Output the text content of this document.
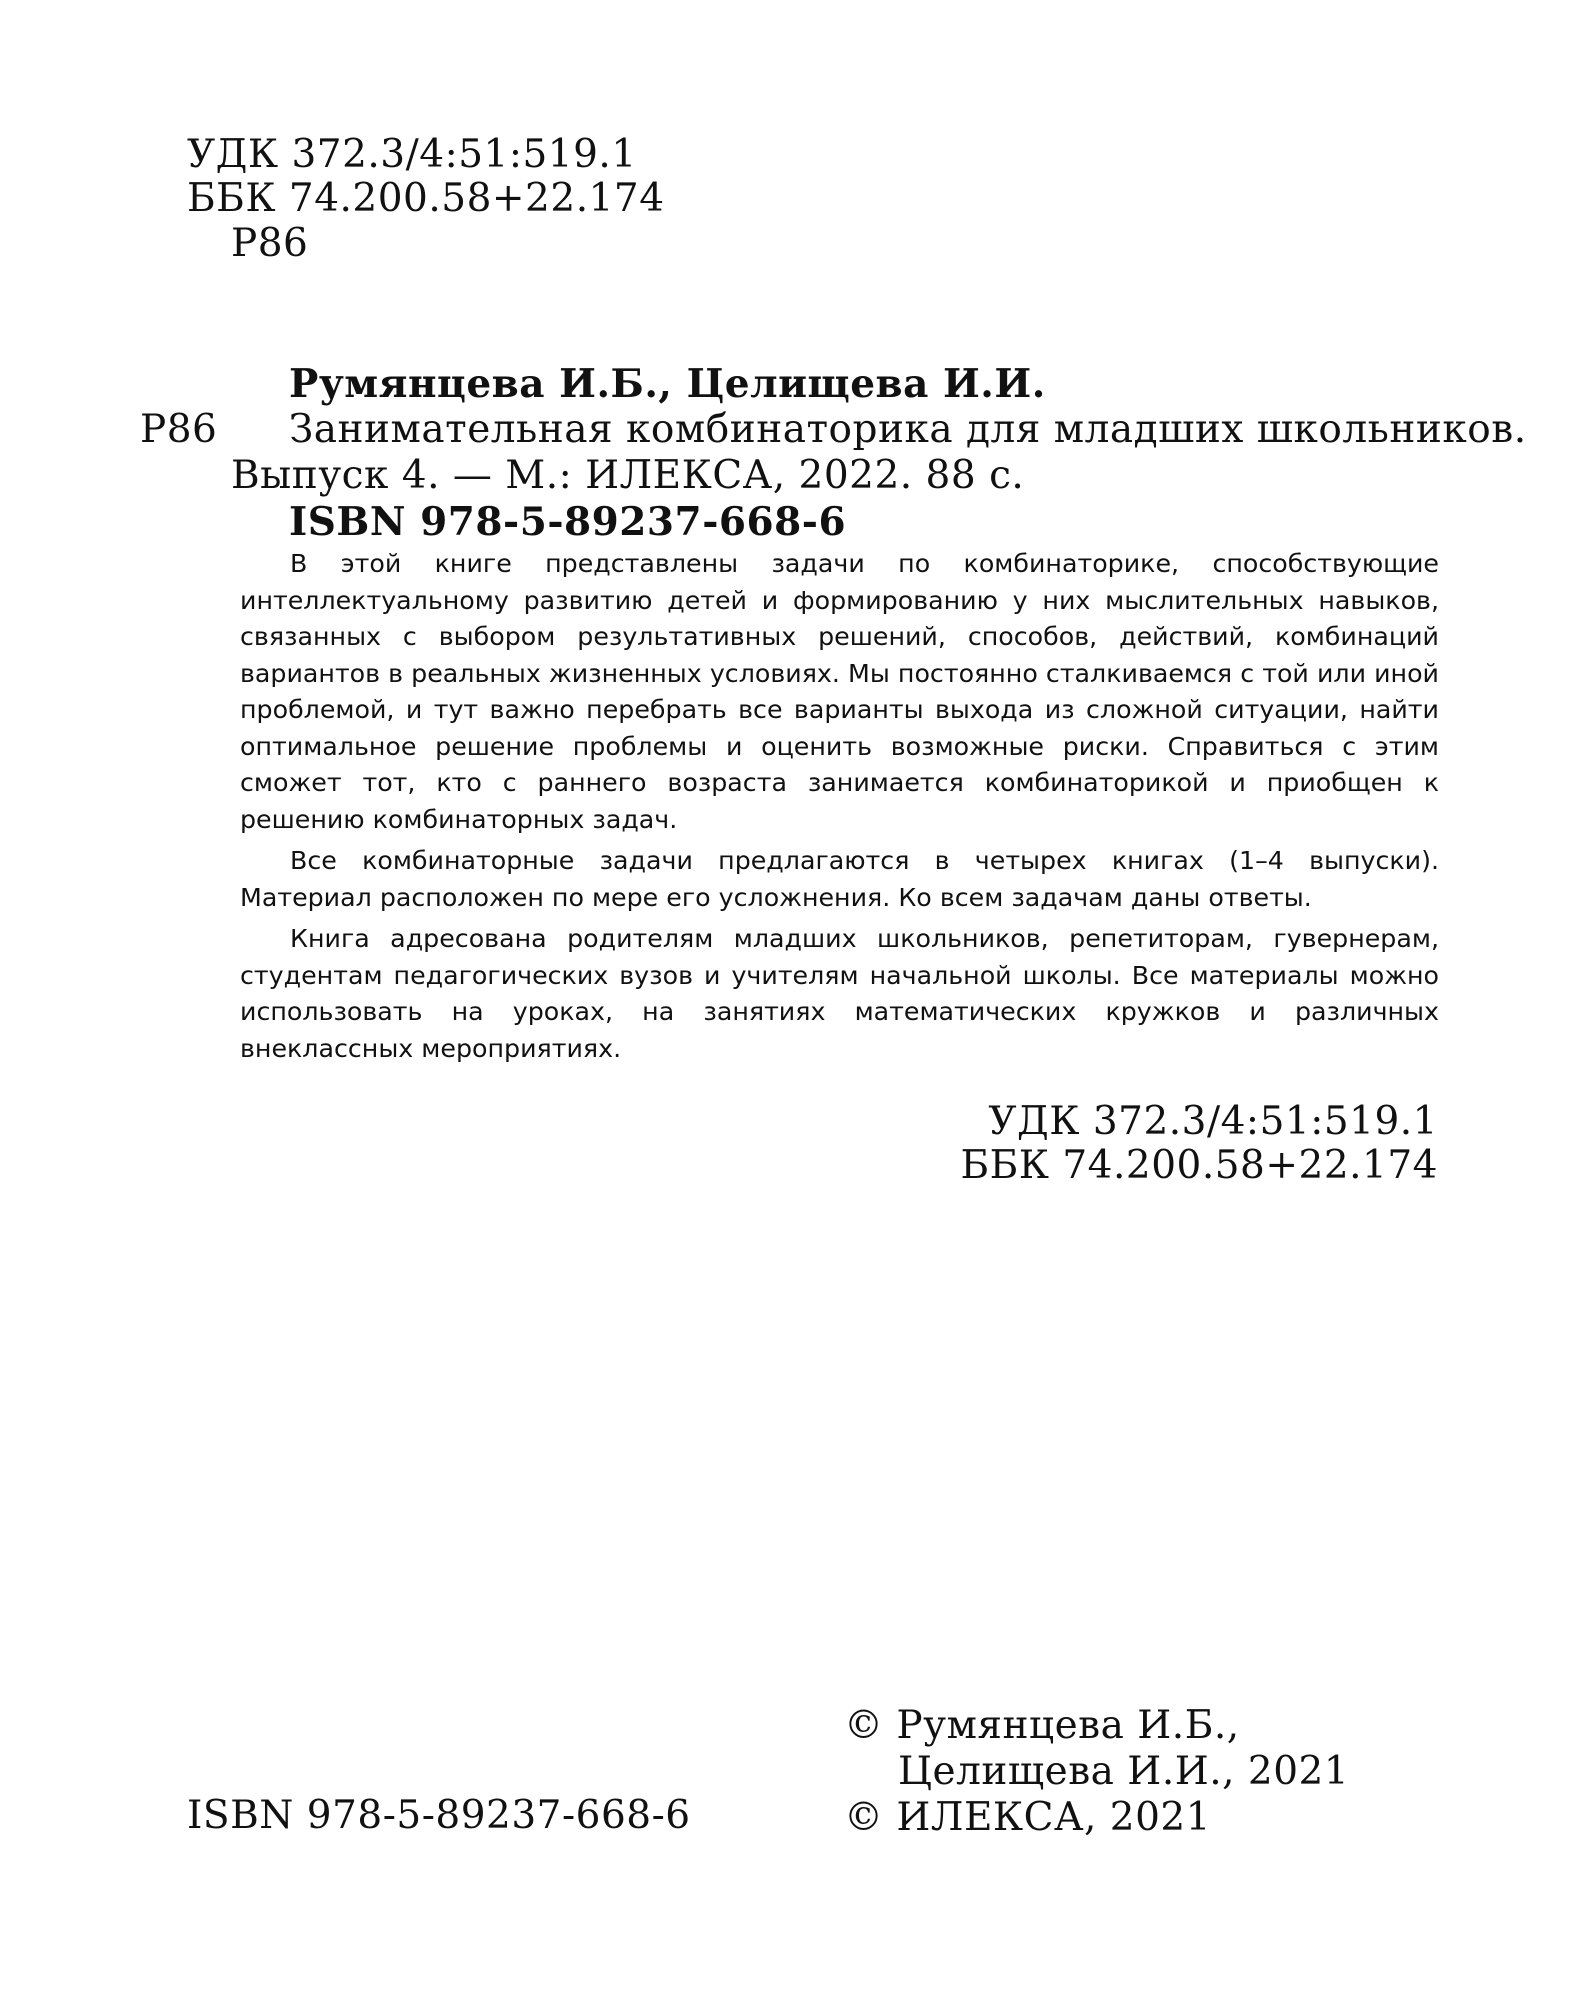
УДК 372.3/4:51:519.1
ББК 74.200.58+22.174
Р86
Румянцева И.Б., Целищева И.И.
Р86 Занимательная комбинаторика для младших школьников.
Выпуск 4. — М.: ИЛЕКСА, 2022. 88 с.
ISBN 978-5-89237-668-6

В этой книге представлены задачи по комбинаторике, способствующие интеллектуальному развитию детей и формированию у них мыслительных навыков, связанных с выбором результативных решений, способов, действий, комбинаций вариантов в реальных жизненных условиях. Мы постоянно сталкиваемся с той или иной проблемой, и тут важно перебрать все варианты выхода из сложной ситуации, найти оптимальное решение проблемы и оценить возможные риски. Справиться с этим сможет тот, кто с раннего возраста занимается комбинаторикой и приобщен к решению комбинаторных задач.

Все комбинаторные задачи предлагаются в четырех книгах (1–4 выпуски). Материал расположен по мере его усложнения. Ко всем задачам даны ответы.

Книга адресована родителям младших школьников, репетиторам, гувернерам, студентам педагогических вузов и учителям начальной школы. Все материалы можно использовать на уроках, на занятиях математических кружков и различных внеклассных мероприятиях.

УДК 372.3/4:51:519.1
ББК 74.200.58+22.174
ISBN 978-5-89237-668-6
© Румянцева И.Б.,
Целищева И.И., 2021
© ИЛЕКСА, 2021
